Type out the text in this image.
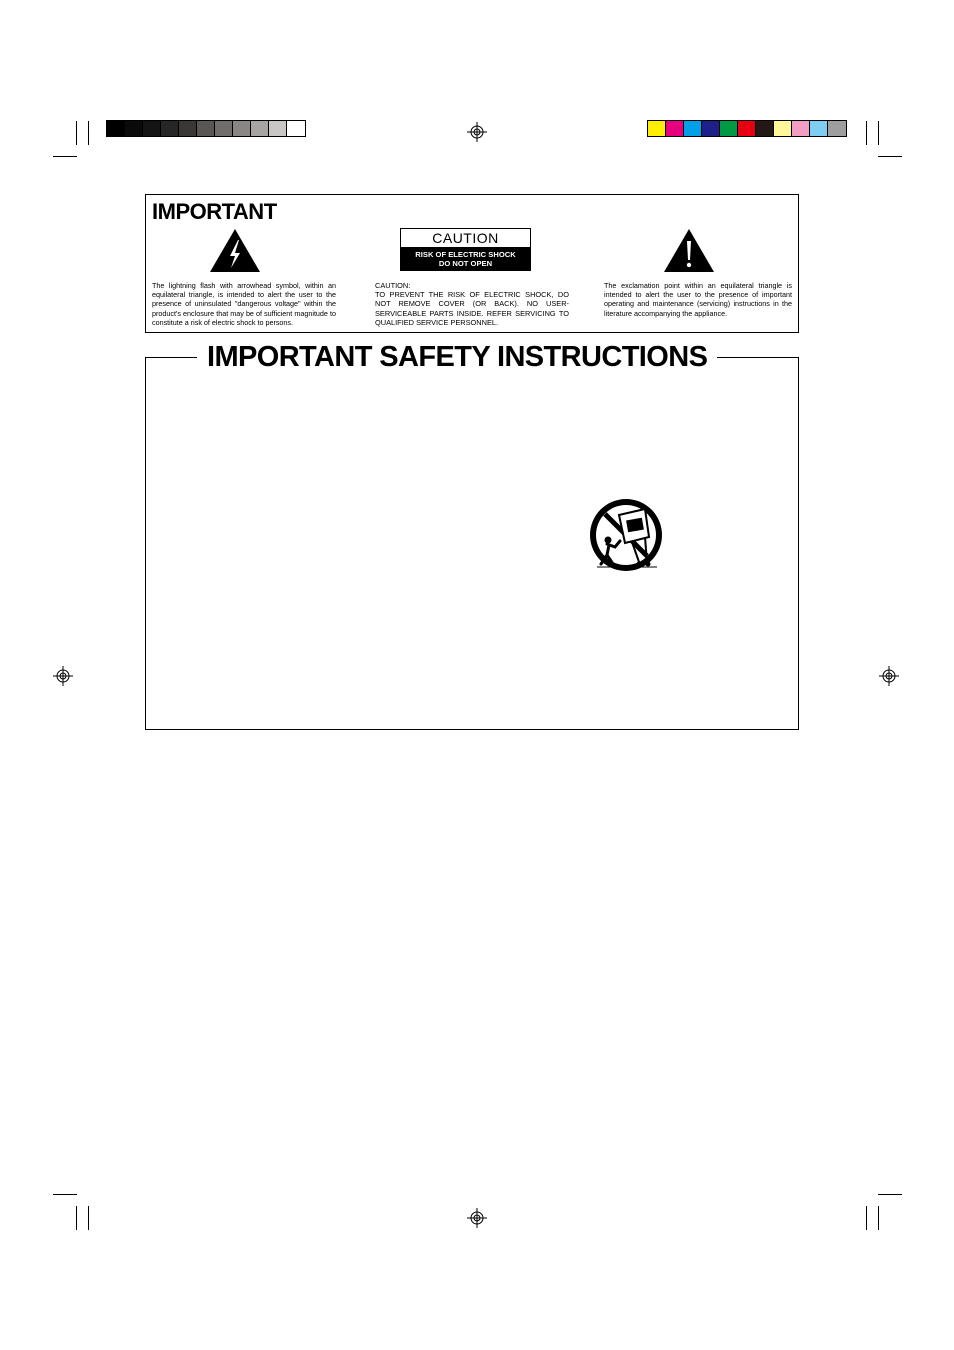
IMPORTANT
The lightning flash with arrowhead symbol, within an equilateral triangle, is intended to alert the user to the presence of uninsulated "dangerous voltage" within the product's enclosure that may be of sufficient magnitude to constitute a risk of electric shock to persons.
CAUTION
RISK OF ELECTRIC SHOCK
DO NOT OPEN
CAUTION:
TO PREVENT THE RISK OF ELECTRIC SHOCK, DO NOT REMOVE COVER (OR BACK). NO USER-SERVICEABLE PARTS INSIDE. REFER SERVICING TO QUALIFIED SERVICE PERSONNEL.
The exclamation point within an equilateral triangle is intended to alert the user to the presence of important operating and maintenance (servicing) instructions in the literature accompanying the appliance.
IMPORTANT SAFETY INSTRUCTIONS
